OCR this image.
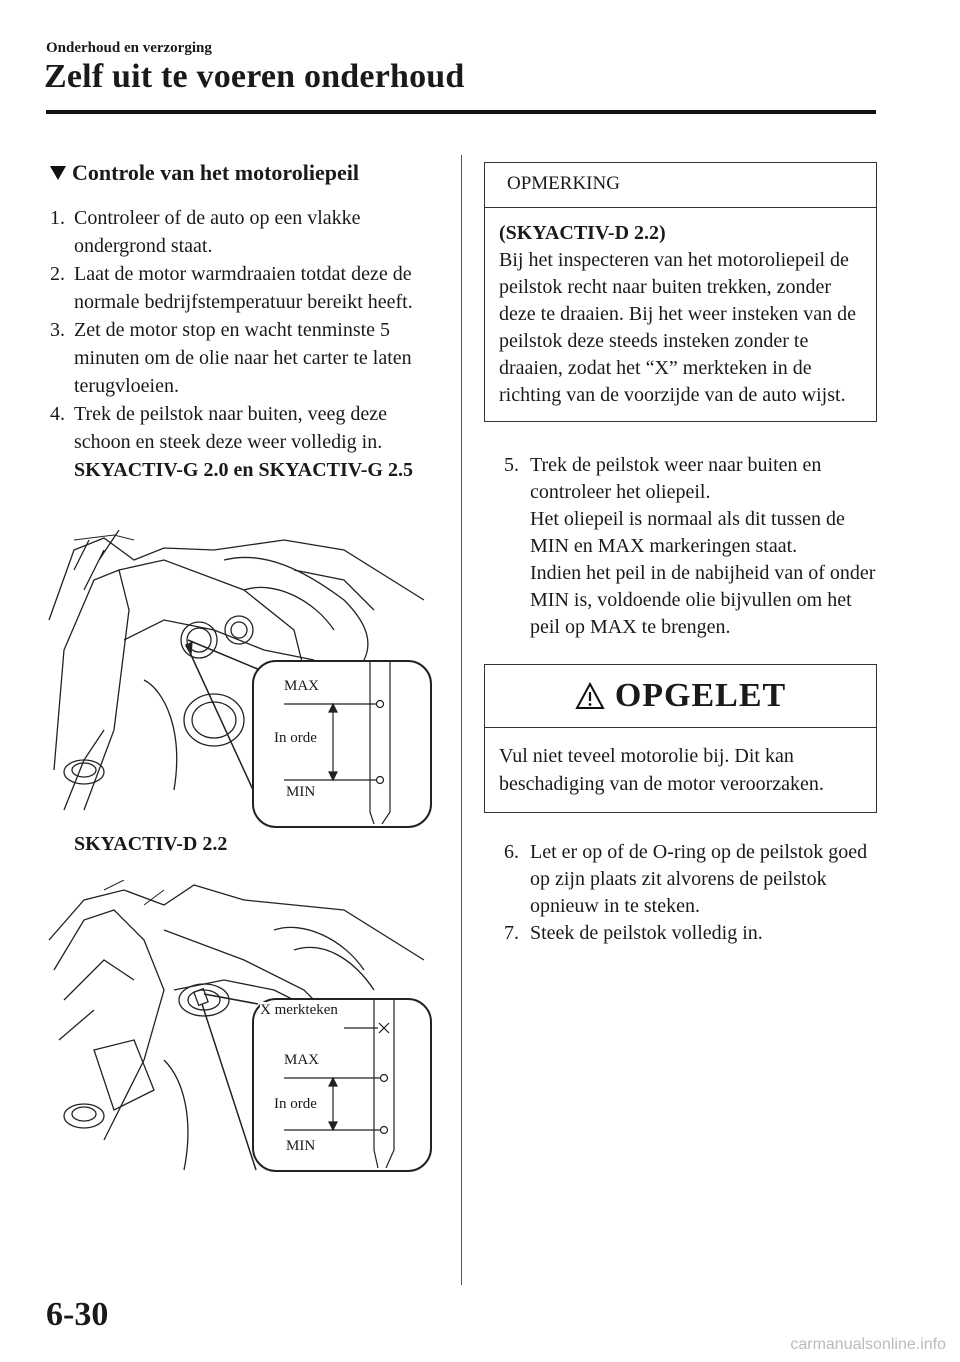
Onderhoud en verzorging
Zelf uit te voeren onderhoud
Controle van het motoroliepeil
1. Controleer of de auto op een vlakke ondergrond staat.
2. Laat de motor warmdraaien totdat deze de normale bedrijfstemperatuur bereikt heeft.
3. Zet de motor stop en wacht tenminste 5 minuten om de olie naar het carter te laten terugvloeien.
4. Trek de peilstok naar buiten, veeg deze schoon en steek deze weer volledig in.
SKYACTIV-G 2.0 en SKYACTIV-G 2.5
MAX
In orde
MIN
SKYACTIV-D 2.2
X merkteken
MAX
In orde
MIN
OPMERKING
(SKYACTIV-D 2.2)
Bij het inspecteren van het motoroliepeil de peilstok recht naar buiten trekken, zonder deze te draaien. Bij het weer insteken van de peilstok deze steeds insteken zonder te draaien, zodat het “X” merkteken in de richting van de voorzijde van de auto wijst.
5. Trek de peilstok weer naar buiten en controleer het oliepeil.
Het oliepeil is normaal als dit tussen de MIN en MAX markeringen staat.
Indien het peil in de nabijheid van of onder MIN is, voldoende olie bijvullen om het peil op MAX te brengen.
OPGELET
Vul niet teveel motorolie bij. Dit kan beschadiging van de motor veroorzaken.
6. Let er op of de O-ring op de peilstok goed op zijn plaats zit alvorens de peilstok opnieuw in te steken.
7. Steek de peilstok volledig in.
6-30
carmanualsonline.info
